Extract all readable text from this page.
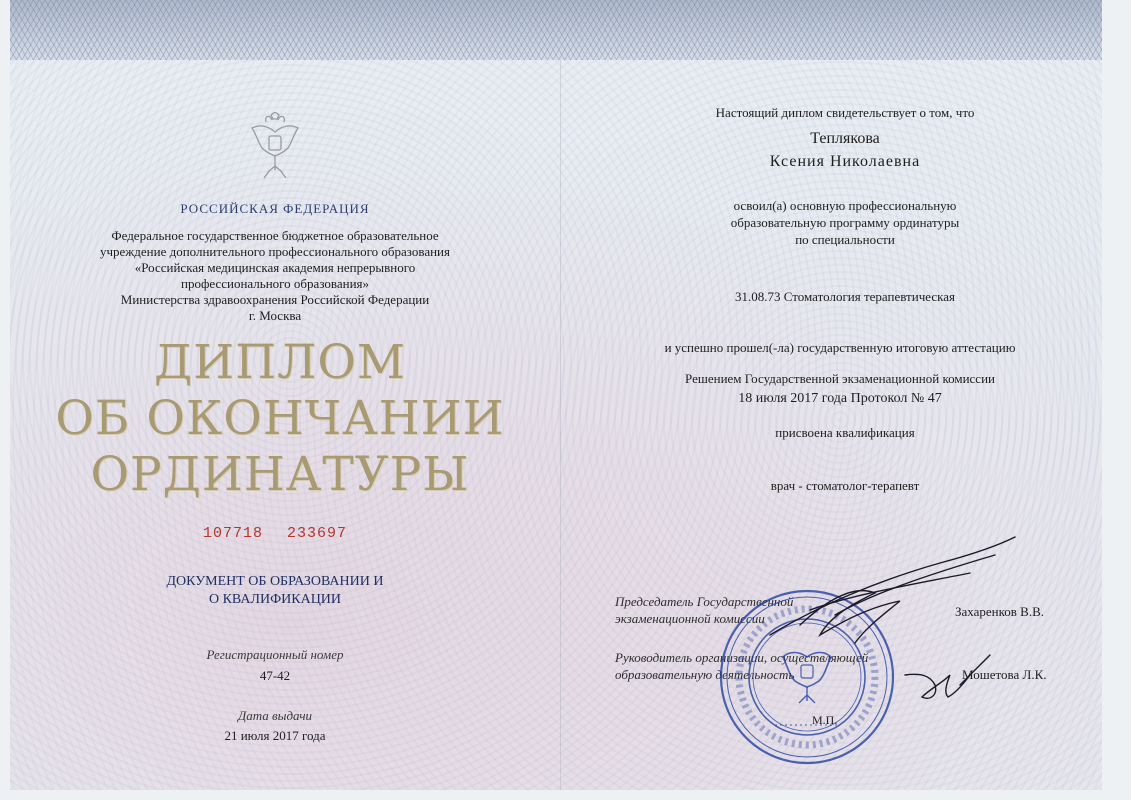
РОССИЙСКАЯ ФЕДЕРАЦИЯ
Федеральное государственное бюджетное образовательное
учреждение дополнительного профессионального образования
«Российская медицинская академия непрерывного
профессионального образования»
Министерства здравоохранения Российской Федерации
г. Москва
ДИПЛОМ
ОБ ОКОНЧАНИИ
ОРДИНАТУРЫ
107718 233697
ДОКУМЕНТ ОБ ОБРАЗОВАНИИ И
О КВАЛИФИКАЦИИ
Регистрационный номер
47-42
Дата выдачи
21 июля 2017 года
Настоящий диплом свидетельствует о том, что
Теплякова
Ксения Николаевна
освоил(а) основную профессиональную
образовательную программу ординатуры
по специальности
31.08.73 Стоматология терапевтическая
и успешно прошел(-ла) государственную итоговую аттестацию
Решением Государственной экзаменационной комиссии
18 июля 2017 года Протокол № 47
присвоена квалификация
врач - стоматолог-терапевт
Председатель Государственной
экзаменационной комиссии	Захаренков В.В.
Руководитель организации, осуществляющей
образовательную деятельность	Мошетова Л.К.
М.П.
